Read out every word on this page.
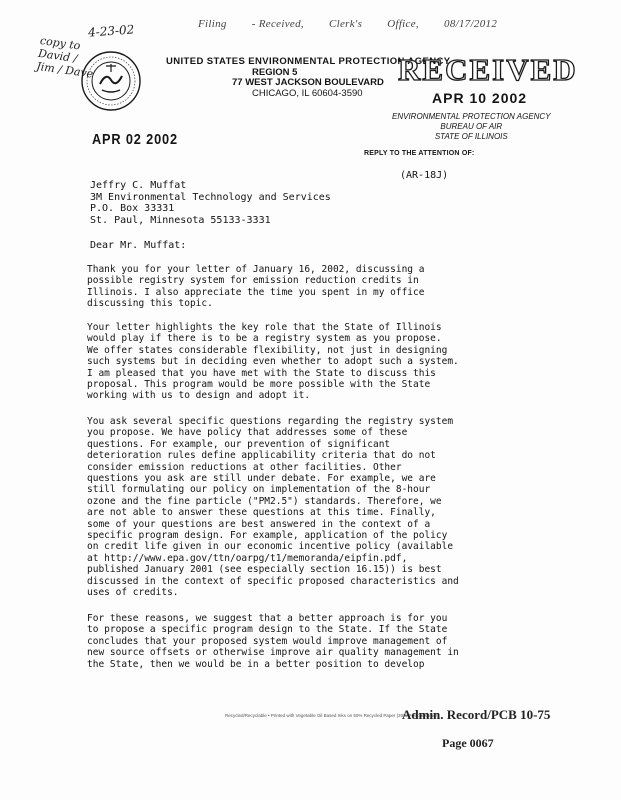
Filing - Received, Clerk's Office, 08/17/2012
4-23-02
copy to David / Jim / Dave	UNITED STATES ENVIRONMENTAL PROTECTION AGENCY
REGION 5
77 WEST JACKSON BOULEVARD
CHICAGO, IL 60604-3590
RECEIVED
APR 10 2002
ENVIRONMENTAL PROTECTION AGENCY
BUREAU OF AIR
STATE OF ILLINOIS
APR 02 2002
REPLY TO THE ATTENTION OF:
(AR-18J)
Jeffry C. Muffat
3M Environmental Technology and Services
P.O. Box 33331
St. Paul, Minnesota 55133-3331
Dear Mr. Muffat:
Thank you for your letter of January 16, 2002, discussing a
possible registry system for emission reduction credits in
Illinois. I also appreciate the time you spent in my office
discussing this topic.
Your letter highlights the key role that the State of Illinois
would play if there is to be a registry system as you propose.
We offer states considerable flexibility, not just in designing
such systems but in deciding even whether to adopt such a system.
I am pleased that you have met with the State to discuss this
proposal. This program would be more possible with the State
working with us to design and adopt it.
You ask several specific questions regarding the registry system
you propose. We have policy that addresses some of these
questions. For example, our prevention of significant
deterioration rules define applicability criteria that do not
consider emission reductions at other facilities. Other
questions you ask are still under debate. For example, we are
still formulating our policy on implementation of the 8-hour
ozone and the fine particle ("PM2.5") standards. Therefore, we
are not able to answer these questions at this time. Finally,
some of your questions are best answered in the context of a
specific program design. For example, application of the policy
on credit life given in our economic incentive policy (available
at http://www.epa.gov/ttn/oarpg/t1/memoranda/eipfin.pdf,
published January 2001 (see especially section 16.15)) is best
discussed in the context of specific proposed characteristics and
uses of credits.
For these reasons, we suggest that a better approach is for you
to propose a specific program design to the State. If the State
concludes that your proposed system would improve management of
new source offsets or otherwise improve air quality management in
the State, then we would be in a better position to develop
Recycled/Recyclable • Printed with Vegetable Oil Based Inks on 50% Recycled Paper (20% Postconsumer)
Admin. Record/PCB 10-75
Page 0067
